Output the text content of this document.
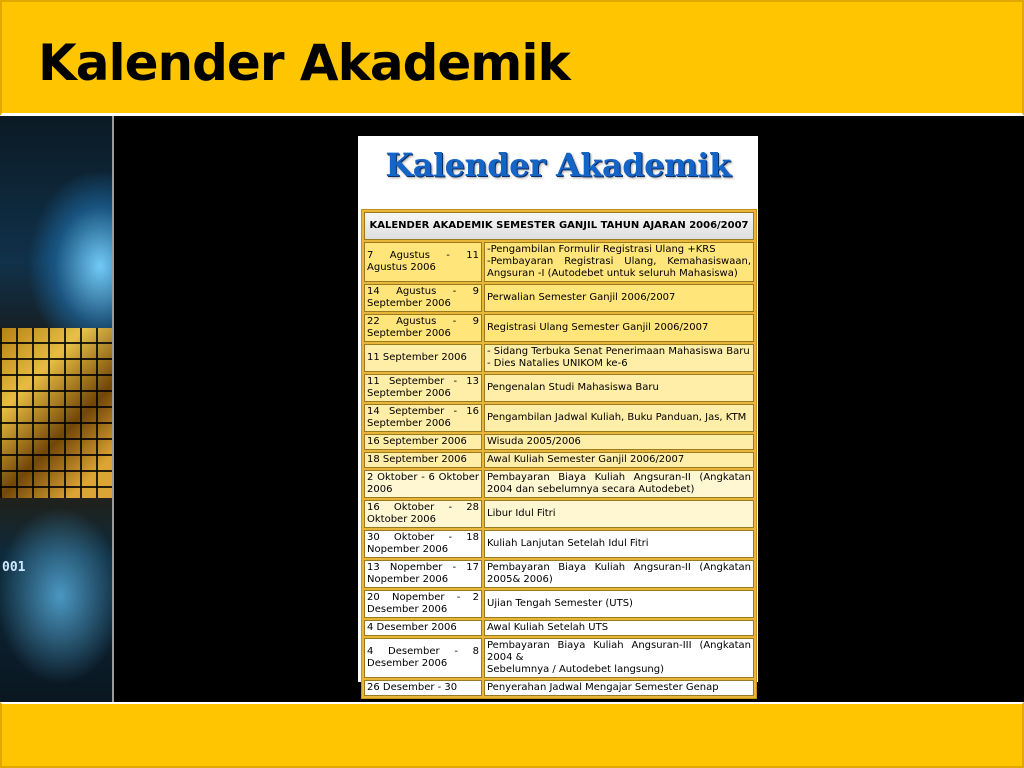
Kalender Akademik
001
Kalender Akademik
KALENDER AKADEMIK SEMESTER GANJIL TAHUN AJARAN 2006/2007	
7 Agustus - 11 Agustus 2006	-Pengambilan Formulir Registrasi Ulang +KRS
-Pembayaran Registrasi Ulang, Kemahasiswaan, Angsuran -I (Autodebet untuk seluruh Mahasiswa)
14 Agustus - 9 September 2006	Perwalian Semester Ganjil 2006/2007
22 Agustus - 9 September 2006	Registrasi Ulang Semester Ganjil 2006/2007
11 September 2006	- Sidang Terbuka Senat Penerimaan Mahasiswa Baru
- Dies Natalies UNIKOM ke-6
11 September - 13 September 2006	Pengenalan Studi Mahasiswa Baru
14 September - 16 September 2006	Pengambilan Jadwal Kuliah, Buku Panduan, Jas, KTM
16 September 2006	Wisuda 2005/2006
18 September 2006	Awal Kuliah Semester Ganjil 2006/2007
2 Oktober - 6 Oktober 2006	Pembayaran Biaya Kuliah Angsuran-II (Angkatan 2004 dan sebelumnya secara Autodebet)
16 Oktober - 28 Oktober 2006	Libur Idul Fitri
30 Oktober - 18 Nopember 2006	Kuliah Lanjutan Setelah Idul Fitri
13 Nopember - 17 Nopember 2006	Pembayaran Biaya Kuliah Angsuran-II (Angkatan 2005& 2006)
20 Nopember - 2 Desember 2006	Ujian Tengah Semester (UTS)
4 Desember 2006	Awal Kuliah Setelah UTS
4 Desember - 8 Desember 2006	Pembayaran Biaya Kuliah Angsuran-III (Angkatan 2004 &
Sebelumnya / Autodebet langsung)
26 Desember - 30	Penyerahan Jadwal Mengajar Semester Genap
